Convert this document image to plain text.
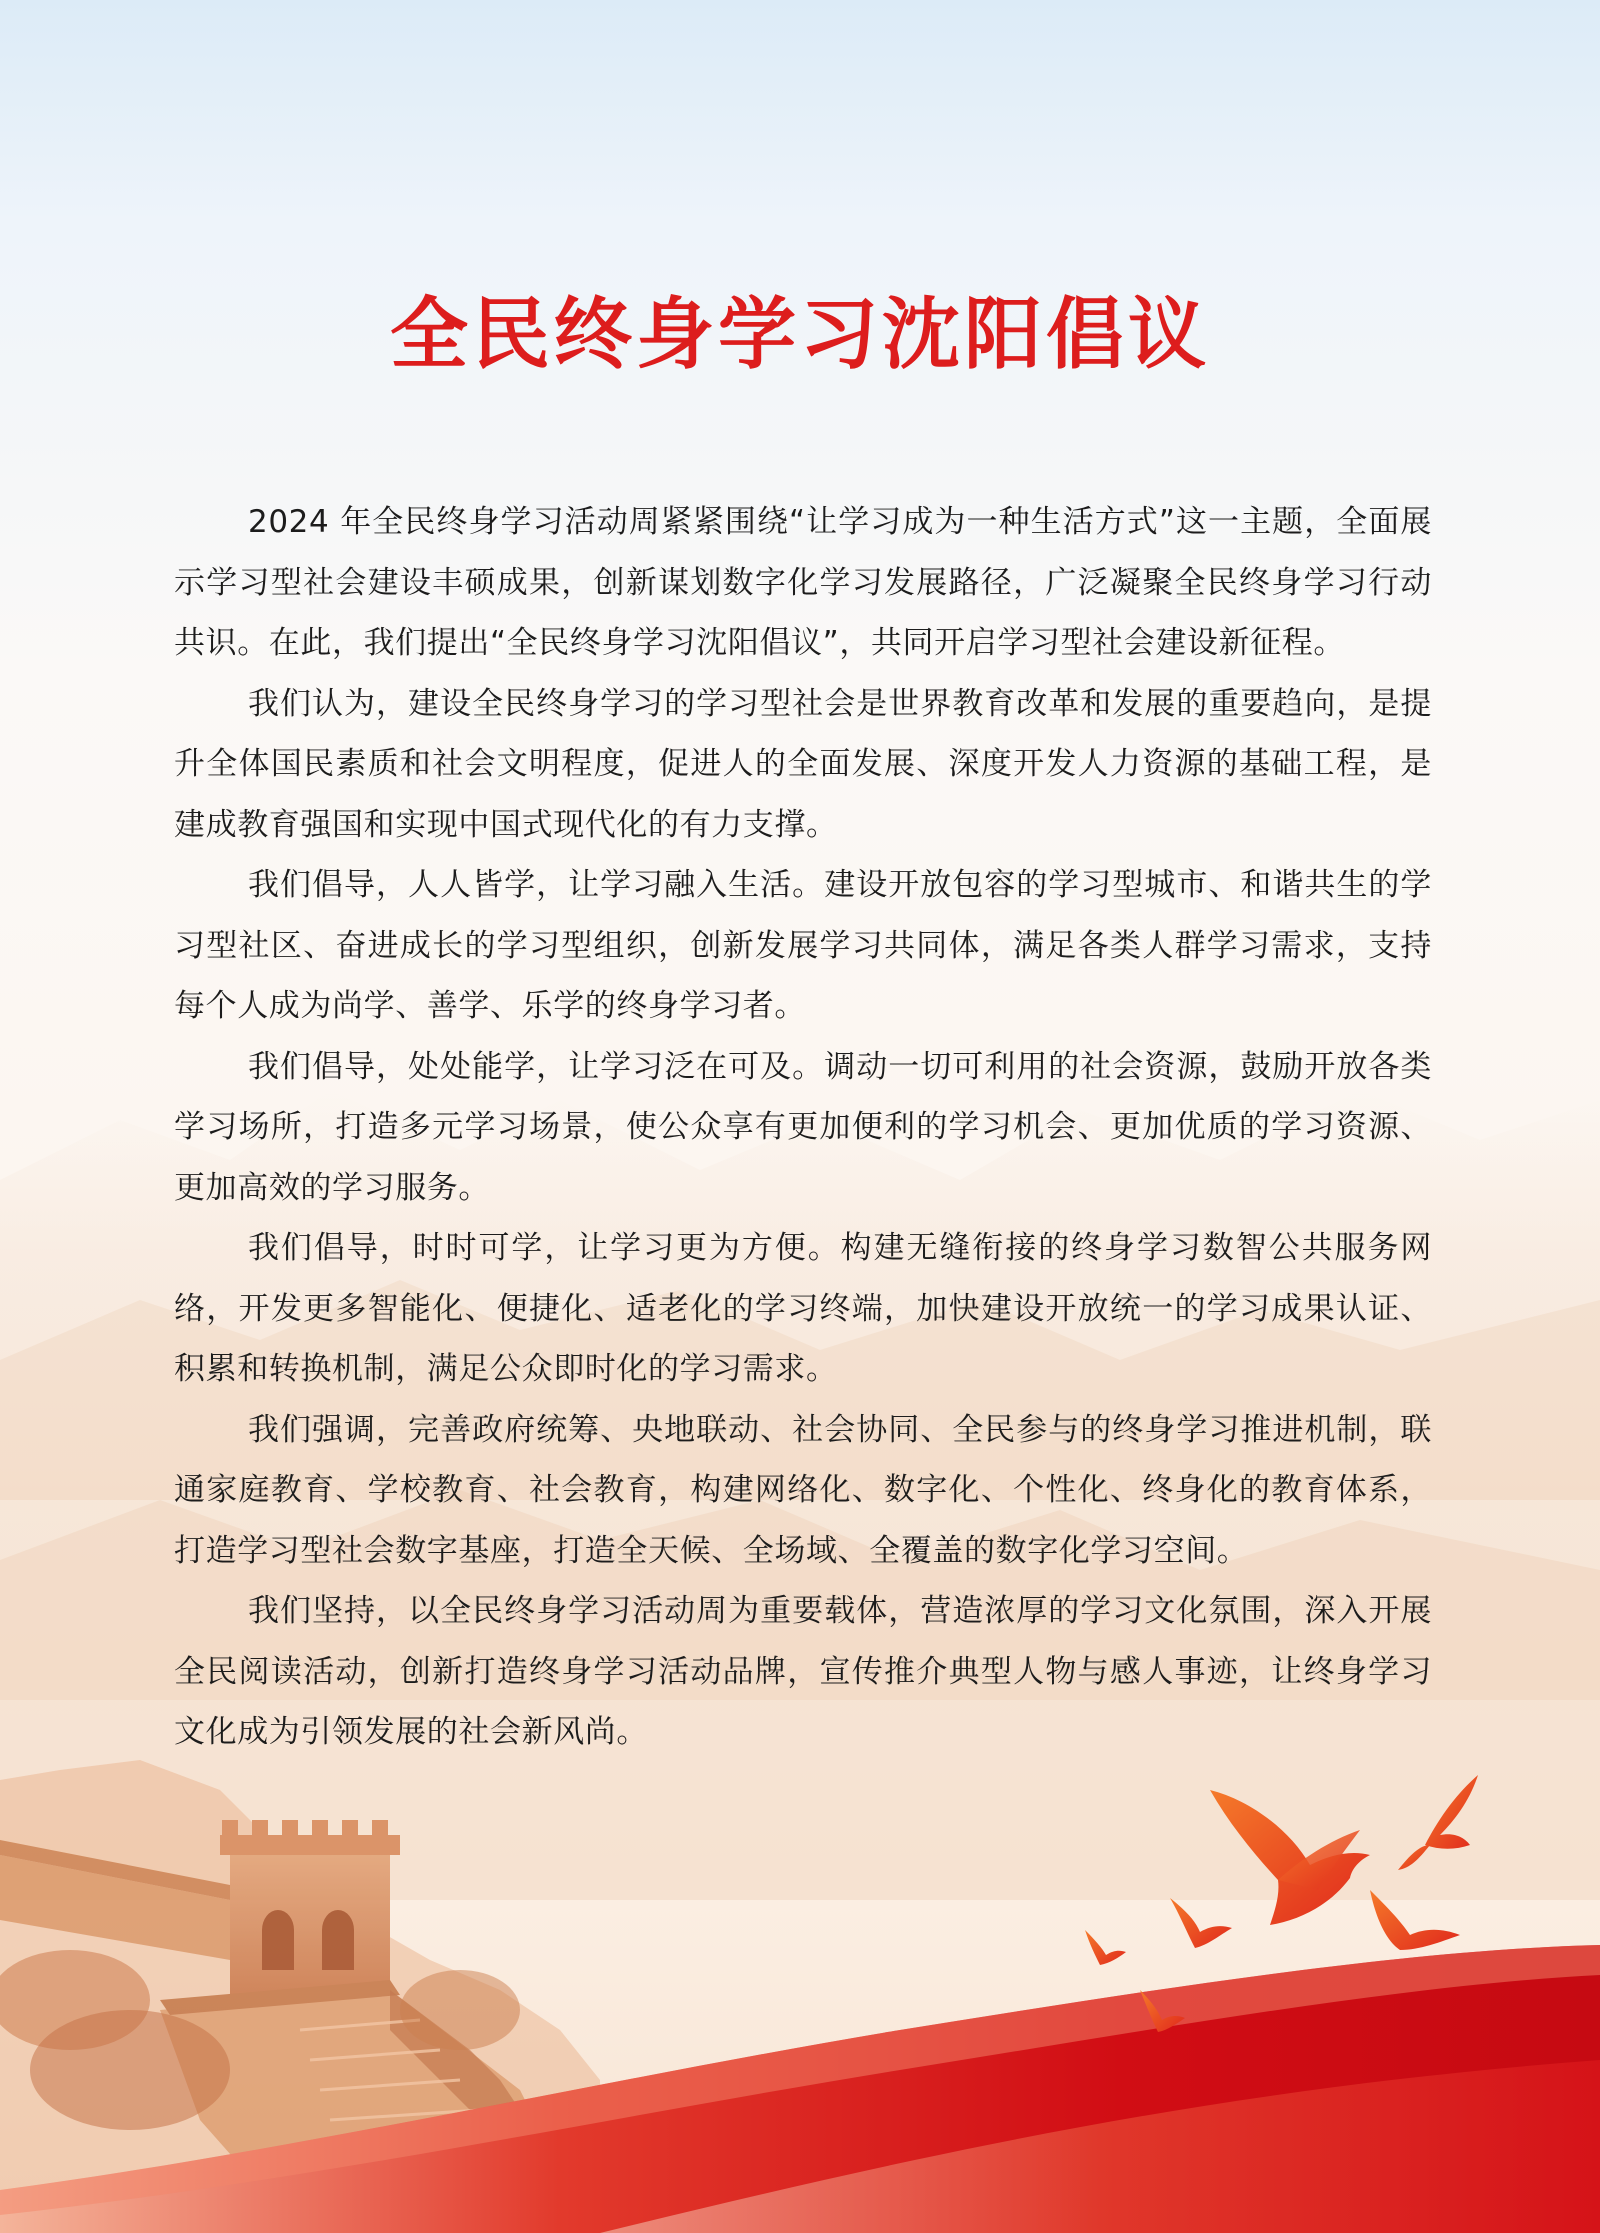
全民终身学习沈阳倡议

2024 年全民终身学习活动周紧紧围绕“让学习成为一种生活方式”这一主题，全面展示学习型社会建设丰硕成果，创新谋划数字化学习发展路径，广泛凝聚全民终身学习行动共识。在此，我们提出“全民终身学习沈阳倡议”，共同开启学习型社会建设新征程。

我们认为，建设全民终身学习的学习型社会是世界教育改革和发展的重要趋向，是提升全体国民素质和社会文明程度，促进人的全面发展、深度开发人力资源的基础工程，是建成教育强国和实现中国式现代化的有力支撑。

我们倡导，人人皆学，让学习融入生活。建设开放包容的学习型城市、和谐共生的学习型社区、奋进成长的学习型组织，创新发展学习共同体，满足各类人群学习需求，支持每个人成为尚学、善学、乐学的终身学习者。

我们倡导，处处能学，让学习泛在可及。调动一切可利用的社会资源，鼓励开放各类学习场所，打造多元学习场景，使公众享有更加便利的学习机会、更加优质的学习资源、更加高效的学习服务。

我们倡导，时时可学，让学习更为方便。构建无缝衔接的终身学习数智公共服务网络，开发更多智能化、便捷化、适老化的学习终端，加快建设开放统一的学习成果认证、积累和转换机制，满足公众即时化的学习需求。

我们强调，完善政府统筹、央地联动、社会协同、全民参与的终身学习推进机制，联通家庭教育、学校教育、社会教育，构建网络化、数字化、个性化、终身化的教育体系，打造学习型社会数字基座，打造全天候、全场域、全覆盖的数字化学习空间。

我们坚持，以全民终身学习活动周为重要载体，营造浓厚的学习文化氛围，深入开展全民阅读活动，创新打造终身学习活动品牌，宣传推介典型人物与感人事迹，让终身学习文化成为引领发展的社会新风尚。
